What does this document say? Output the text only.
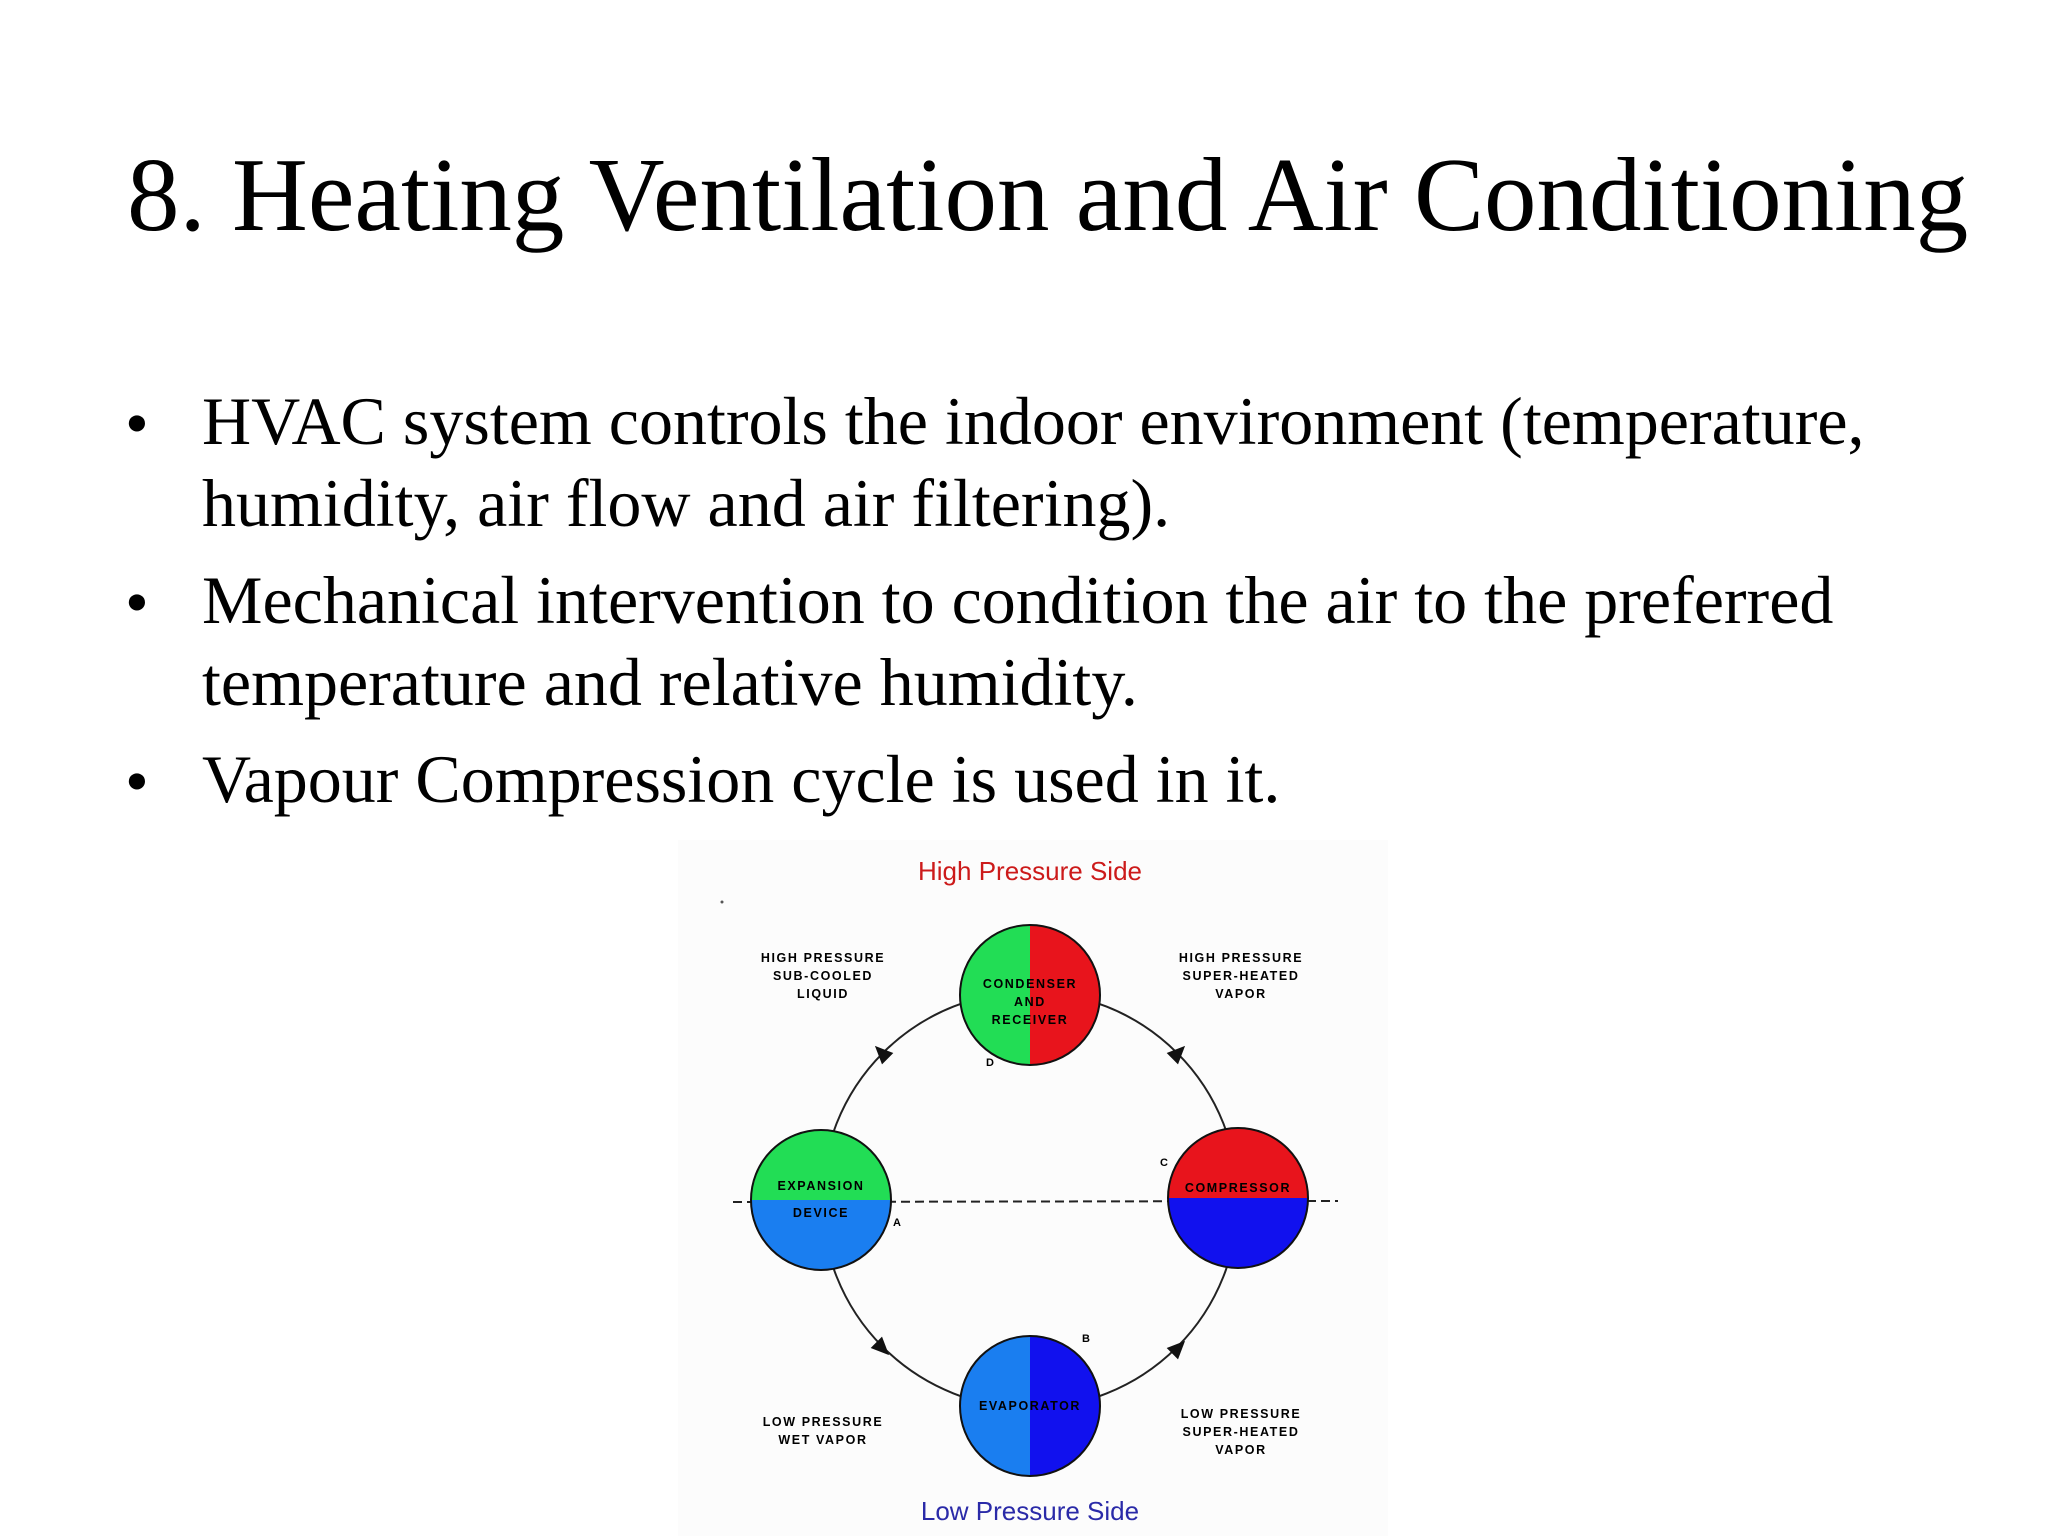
8. Heating Ventilation and Air Conditioning
• HVAC system controls the indoor environment (temperature,
humidity, air flow and air filtering).
• Mechanical intervention to condition the air to the preferred
temperature and relative humidity.
• Vapour Compression cycle is used in it.
CONDENSER
AND
RECEIVER
EXPANSION
DEVICE
COMPRESSOR
EVAPORATOR
High Pressure Side
Low Pressure Side
HIGH PRESSURE
SUB-COOLED
LIQUID
HIGH PRESSURE
SUPER-HEATED
VAPOR
LOW PRESSURE
WET VAPOR
LOW PRESSURE
SUPER-HEATED
VAPOR
A
B
C
D
